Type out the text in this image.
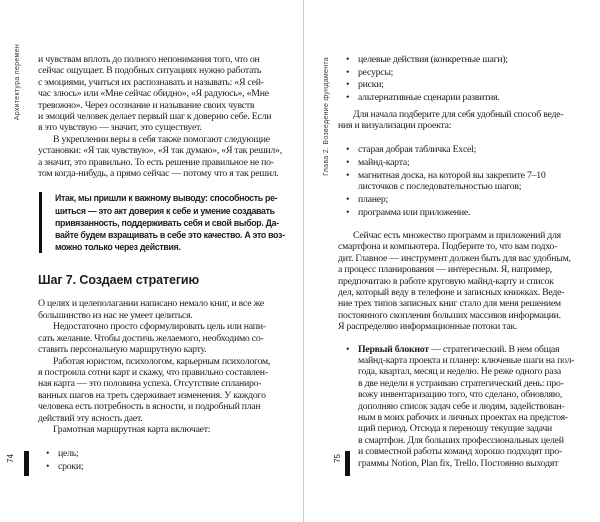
Архитектура перемен
74
и чувствам вплоть до полного непонимания того, что он
сейчас ощущает. В подобных ситуациях нужно работать
с эмоциями, учиться их распознавать и называть: «Я сей-
час злюсь» или «Мне сейчас обидно», «Я радуюсь», «Мне
тревожно». Через осознание и называние своих чувств
и эмоций человек делает первый шаг к доверию себе. Если
я это чувствую — значит, это существует.
В укреплении веры в себя также помогают следующие
установки: «Я так чувствую», «Я так думаю», «Я так решил»,
а значит, это правильно. То есть решение правильное не по-
том когда-нибудь, а прямо сейчас — потому что я так решил.
Итак, мы пришли к важному выводу: способность ре-
шиться — это акт доверия к себе и умение создавать
привязанность, поддерживать себя и свой выбор. Да-
вайте будем взращивать в себе это качество. А это воз-
можно только через действия.
Шаг 7. Создаем стратегию
О целях и целеполагании написано немало книг, и все же
большинство из нас не умеет целиться.
Недостаточно просто сформулировать цель или напи-
сать желание. Чтобы достичь желаемого, необходимо со-
ставить персональную маршрутную карту.
Работая юристом, психологом, карьерным психологом,
я построила сотни карт и скажу, что правильно составлен-
ная карта — это половина успеха. Отсутствие спланиро-
ванных шагов на треть сдерживает изменения. У каждого
человека есть потребность в ясности, и подробный план
действий эту ясность дает.
Грамотная маршрутная карта включает:
• цель;
• сроки;
Глава 2. Возведение фундамента
75
• целевые действия (конкретные шаги);
• ресурсы;
• риски;
• альтернативные сценарии развития.
Для начала подберите для себя удобный способ веде-
ния и визуализации проекта:
• старая добрая табличка Excel;
• майнд-карта;
• магнитная доска, на которой вы закрепите 7–10
листочков с последовательностью шагов;
• планер;
• программа или приложение.
Сейчас есть множество программ и приложений для
смартфона и компьютера. Подберите то, что вам подхо-
дит. Главное — инструмент должен быть для вас удобным,
а процесс планирования — интересным. Я, например,
предпочитаю в работе круговую майнд-карту и список
дел, который веду в телефоне и записных книжках. Веде-
ние трех типов записных книг стало для меня решением
постоянного скопления больших массивов информации.
Я распределяю информационные потоки так.
• Первый блокнот — стратегический. В нем общая
майнд-карта проекта и планер: ключевые шаги на пол-
года, квартал, месяц и неделю. Не реже одного раза
в две недели я устраиваю стратегический день: про-
вожу инвентаризацию того, что сделано, обновляю,
дополняю список задач себе и людям, задействован-
ным в моих рабочих и личных проектах на предстоя-
щий период. Отсюда я переношу текущие задачи
в смартфон. Для больших профессиональных целей
и совместной работы команд хорошо подходят про-
граммы Notion, Plan fix, Trello. Постоянно выходят
